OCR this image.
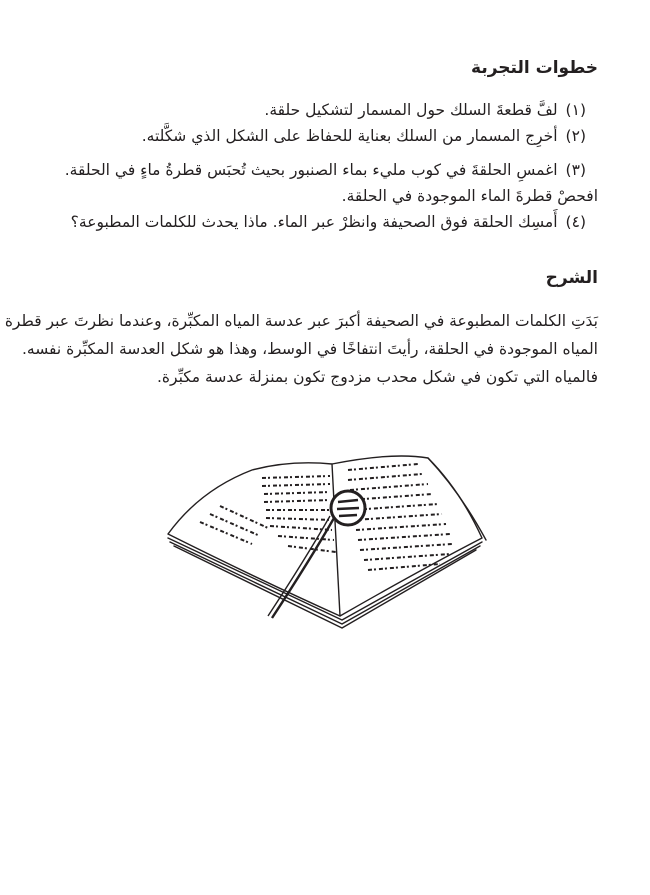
خطوات التجربة

(١)لفَّ قطعةَ السلك حول المسمار لتشكيل حلقة.

(٢)أخرِج المسمار من السلك بعناية للحفاظ على الشكل الذي شكَّلته.

(٣)اغمسِ الحلقةَ في كوب مليء بماء الصنبور بحيث تُحبَس قطرةُ ماءٍ في الحلقة.

افحصْ قطرةَ الماء الموجودة في الحلقة.

(٤)أَمسِك الحلقة فوق الصحيفة وانظرْ عبر الماء. ماذا يحدث للكلمات المطبوعة؟

الشرح

بَدَتِ الكلمات المطبوعة في الصحيفة أكبرَ عبر عدسة المياه المكبِّرة، وعندما نظرتَ عبر قطرة

المياه الموجودة في الحلقة، رأيتَ انتفاخًا في الوسط، وهذا هو شكل العدسة المكبِّرة نفسه.

فالمياه التي تكون في شكل محدب مزدوج تكون بمنزلة عدسة مكبِّرة.
